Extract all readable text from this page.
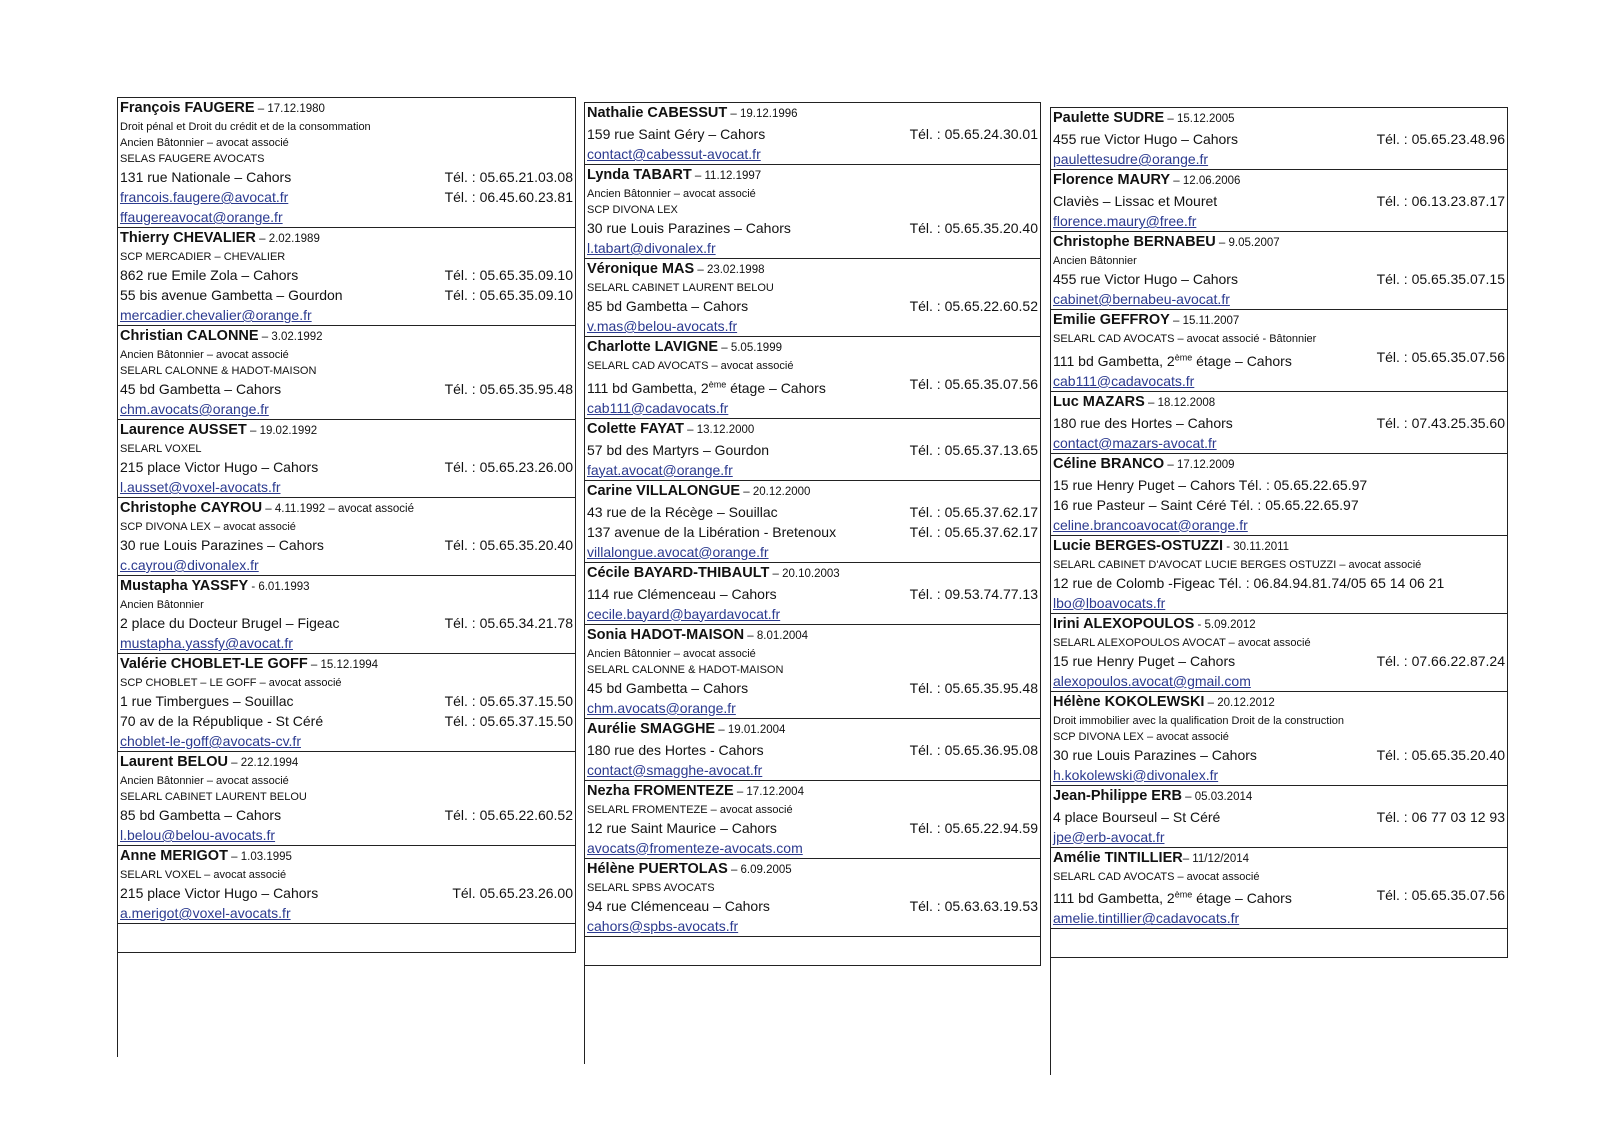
François FAUGERE – 17.12.1980
Droit pénal et Droit du crédit et de la consommation
Ancien Bâtonnier – avocat associé
SELAS FAUGERE AVOCATS
131 rue Nationale – Cahors	Tél. : 05.65.21.03.08
francois.faugere@avocat.fr	Tél. : 06.45.60.23.81
ffaugereavocat@orange.fr
Thierry CHEVALIER – 2.02.1989
SCP MERCADIER – CHEVALIER
862 rue Emile Zola – Cahors	Tél. : 05.65.35.09.10
55 bis avenue Gambetta – Gourdon	Tél. : 05.65.35.09.10
mercadier.chevalier@orange.fr
Christian CALONNE – 3.02.1992
Ancien Bâtonnier – avocat associé
SELARL CALONNE & HADOT-MAISON
45 bd Gambetta – Cahors	Tél. : 05.65.35.95.48
chm.avocats@orange.fr
Laurence AUSSET – 19.02.1992
SELARL VOXEL
215 place Victor Hugo – Cahors	Tél. : 05.65.23.26.00
l.ausset@voxel-avocats.fr
Christophe CAYROU – 4.11.1992 – avocat associé
SCP DIVONA LEX – avocat associé
30 rue Louis Parazines – Cahors	Tél. : 05.65.35.20.40
c.cayrou@divonalex.fr
Mustapha YASSFY - 6.01.1993
Ancien Bâtonnier
2 place du Docteur Brugel – Figeac	Tél. : 05.65.34.21.78
mustapha.yassfy@avocat.fr
Valérie CHOBLET-LE GOFF – 15.12.1994
SCP CHOBLET – LE GOFF – avocat associé
1 rue Timbergues – Souillac	Tél. : 05.65.37.15.50
70 av de la République - St Céré	Tél. : 05.65.37.15.50
choblet-le-goff@avocats-cv.fr
Laurent BELOU – 22.12.1994
Ancien Bâtonnier – avocat associé
SELARL CABINET LAURENT BELOU
85 bd Gambetta – Cahors	Tél. : 05.65.22.60.52
l.belou@belou-avocats.fr
Anne MERIGOT – 1.03.1995
SELARL VOXEL – avocat associé
215 place Victor Hugo – Cahors	Tél. 05.65.23.26.00
a.merigot@voxel-avocats.fr
Nathalie CABESSUT – 19.12.1996
159 rue Saint Géry – Cahors	Tél. : 05.65.24.30.01
contact@cabessut-avocat.fr
Lynda TABART – 11.12.1997
Ancien Bâtonnier – avocat associé
SCP DIVONA LEX
30 rue Louis Parazines – Cahors	Tél. : 05.65.35.20.40
l.tabart@divonalex.fr
Véronique MAS – 23.02.1998
SELARL CABINET LAURENT BELOU
85 bd Gambetta – Cahors	Tél. : 05.65.22.60.52
v.mas@belou-avocats.fr
Charlotte LAVIGNE – 5.05.1999
SELARL CAD AVOCATS – avocat associé
111 bd Gambetta, 2ème étage – Cahors	Tél. : 05.65.35.07.56
cab111@cadavocats.fr
Colette FAYAT – 13.12.2000
57 bd des Martyrs – Gourdon	Tél. : 05.65.37.13.65
fayat.avocat@orange.fr
Carine VILLALONGUE – 20.12.2000
43 rue de la Récège – Souillac	Tél. : 05.65.37.62.17
137 avenue de la Libération - Bretenoux	Tél. : 05.65.37.62.17
villalongue.avocat@orange.fr
Cécile BAYARD-THIBAULT – 20.10.2003
114 rue Clémenceau – Cahors	Tél. : 09.53.74.77.13
cecile.bayard@bayardavocat.fr
Sonia HADOT-MAISON – 8.01.2004
Ancien Bâtonnier – avocat associé
SELARL CALONNE & HADOT-MAISON
45 bd Gambetta – Cahors	Tél. : 05.65.35.95.48
chm.avocats@orange.fr
Aurélie SMAGGHE – 19.01.2004
180 rue des Hortes - Cahors	Tél. : 05.65.36.95.08
contact@smagghe-avocat.fr
Nezha FROMENTEZE – 17.12.2004
SELARL FROMENTEZE – avocat associé
12 rue Saint Maurice – Cahors	Tél. : 05.65.22.94.59
avocats@fromenteze-avocats.com
Hélène PUERTOLAS – 6.09.2005
SELARL SPBS AVOCATS
94 rue Clémenceau – Cahors	Tél. : 05.63.63.19.53
cahors@spbs-avocats.fr
Paulette SUDRE – 15.12.2005
455 rue Victor Hugo – Cahors	Tél. : 05.65.23.48.96
paulettesudre@orange.fr
Florence MAURY – 12.06.2006
Claviès – Lissac et Mouret	Tél. : 06.13.23.87.17
florence.maury@free.fr
Christophe BERNABEU – 9.05.2007
Ancien Bâtonnier
455 rue Victor Hugo – Cahors	Tél. : 05.65.35.07.15
cabinet@bernabeu-avocat.fr
Emilie GEFFROY – 15.11.2007
SELARL CAD AVOCATS – avocat associé - Bâtonnier
111 bd Gambetta, 2ème étage – Cahors	Tél. : 05.65.35.07.56
cab111@cadavocats.fr
Luc MAZARS – 18.12.2008
180 rue des Hortes – Cahors	Tél. : 07.43.25.35.60
contact@mazars-avocat.fr
Céline BRANCO – 17.12.2009
15 rue Henry Puget – Cahors Tél. : 05.65.22.65.97
16 rue Pasteur – Saint Céré Tél. : 05.65.22.65.97
celine.brancoavocat@orange.fr
Lucie BERGES-OSTUZZI - 30.11.2011
SELARL CABINET D'AVOCAT LUCIE BERGES OSTUZZI – avocat associé
12 rue de Colomb -Figeac Tél. : 06.84.94.81.74/05 65 14 06 21
lbo@lboavocats.fr
Irini ALEXOPOULOS - 5.09.2012
SELARL ALEXOPOULOS AVOCAT – avocat associé
15 rue Henry Puget – Cahors	Tél. : 07.66.22.87.24
alexopoulos.avocat@gmail.com
Hélène KOKOLEWSKI – 20.12.2012
Droit immobilier avec la qualification Droit de la construction
SCP DIVONA LEX – avocat associé
30 rue Louis Parazines – Cahors	Tél. : 05.65.35.20.40
h.kokolewski@divonalex.fr
Jean-Philippe ERB – 05.03.2014
4 place Bourseul – St Céré	Tél. : 06 77 03 12 93
jpe@erb-avocat.fr
Amélie TINTILLIER– 11/12/2014
SELARL CAD AVOCATS – avocat associé
111 bd Gambetta, 2ème étage – Cahors	Tél. : 05.65.35.07.56
amelie.tintillier@cadavocats.fr
